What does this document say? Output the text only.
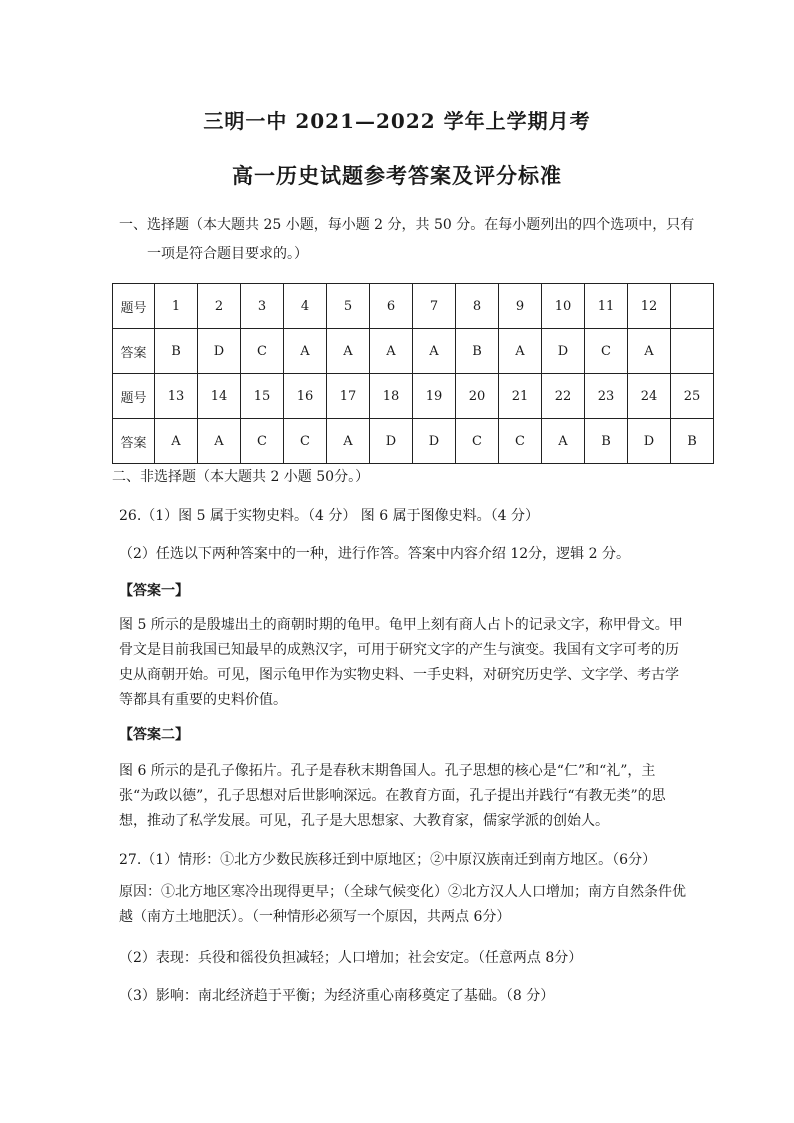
三明一中 2021—2022 学年上学期月考
高一历史试题参考答案及评分标准
一、选择题（本大题共 25 小题，每小题 2 分，共 50 分。在每小题列出的四个选项中，只有
一项是符合题目要求的。）
题号	1	2	3	4	5	6	7	8	9	10	11	12	
答案	B	D	C	A	A	A	A	B	A	D	C	A	
题号	13	14	15	16	17	18	19	20	21	22	23	24	25
答案	A	A	C	C	A	D	D	C	C	A	B	D	B
二、非选择题（本大题共 2 小题 50分。）
26.（1）图 5 属于实物史料。（4 分） 图 6 属于图像史料。（4 分）
（2）任选以下两种答案中的一种，进行作答。答案中内容介绍 12分，逻辑 2 分。
【答案一】
图 5 所示的是殷墟出土的商朝时期的龟甲。龟甲上刻有商人占卜的记录文字，称甲骨文。甲骨文是目前我国已知最早的成熟汉字，可用于研究文字的产生与演变。我国有文字可考的历史从商朝开始。可见，图示龟甲作为实物史料、一手史料，对研究历史学、文字学、考古学等都具有重要的史料价值。
【答案二】
图 6 所示的是孔子像拓片。孔子是春秋末期鲁国人。孔子思想的核心是“仁”和“礼”，主张“为政以德”，孔子思想对后世影响深远。在教育方面，孔子提出并践行“有教无类”的思想，推动了私学发展。可见，孔子是大思想家、大教育家，儒家学派的创始人。
27.（1）情形：①北方少数民族移迁到中原地区；②中原汉族南迁到南方地区。（6分）
原因：①北方地区寒冷出现得更早；（全球气候变化）②北方汉人人口增加；南方自然条件优越（南方土地肥沃）。（一种情形必须写一个原因，共两点 6分）
（2）表现：兵役和徭役负担减轻；人口增加；社会安定。（任意两点 8分）
（3）影响：南北经济趋于平衡；为经济重心南移奠定了基础。（8 分）
